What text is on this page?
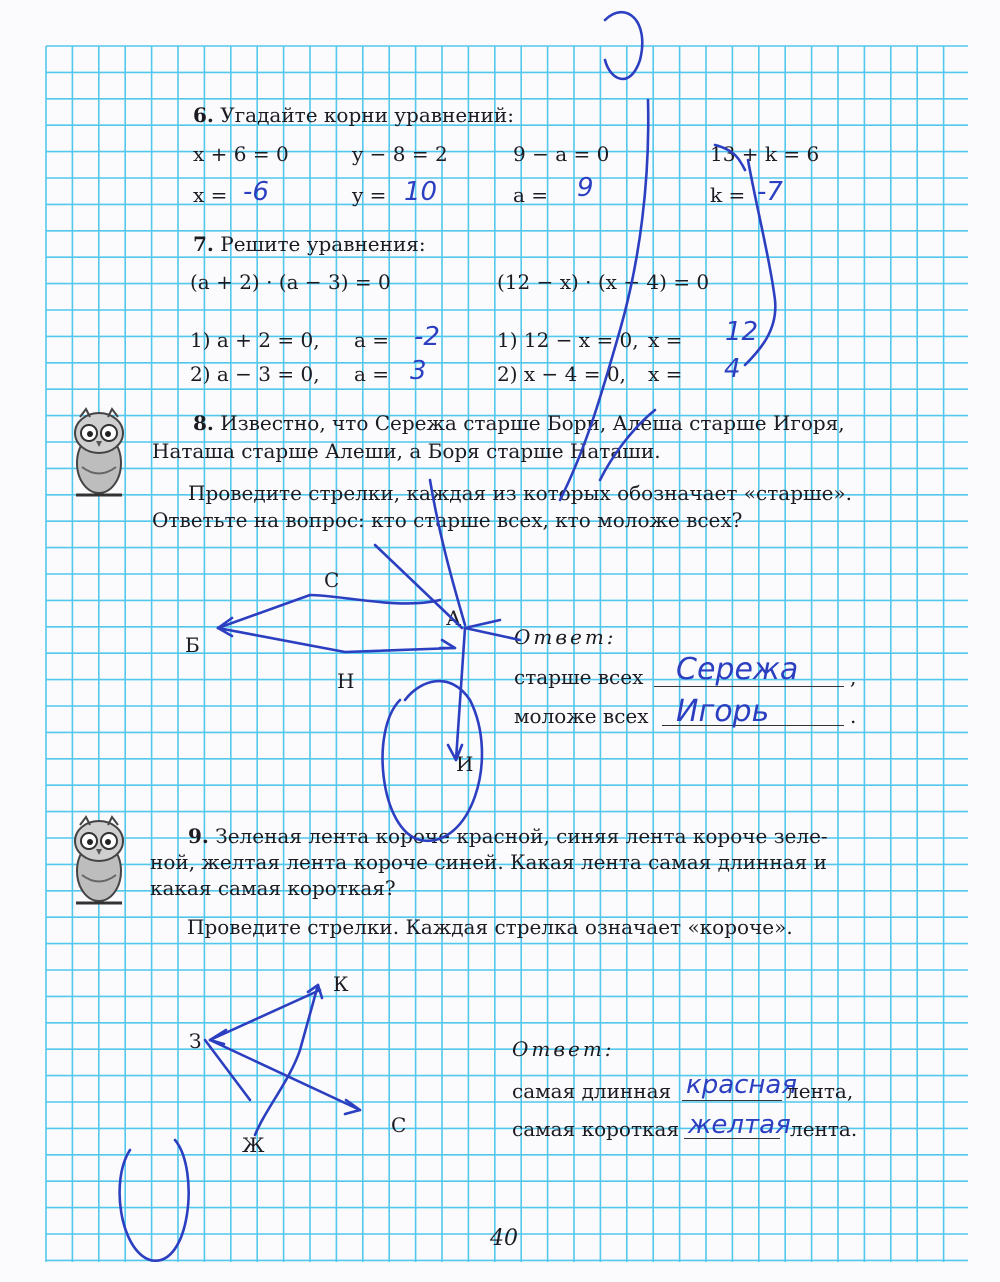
6. Угадайте корни уравнений:
x + 6 = 0	y − 8 = 2	9 − a = 0	13 + k = 6
x =	y =	a =	k =
-6	10	9	-7
7. Решите уравнения:
(a + 2) · (a − 3) = 0	(12 − x) · (x − 4) = 0
1) a + 2 = 0, a = -2
2) a − 3 = 0, a = 3
1) 12 − x = 0, x = 12
2) x − 4 = 0, x = 4
8. Известно, что Сережа старше Бори, Алеша старше Игоря,
Наташа старше Алеши, а Боря старше Наташи.
Проведите стрелки, каждая из которых обозначает «старше».
Ответьте на вопрос: кто старше всех, кто моложе всех?
С
Б
А
Н
И
Ответ:
старше всех Сережа	,
моложе всех Игорь	.
9. Зеленая лента короче красной, синяя лента короче зеле-
ной, желтая лента короче синей. Какая лента самая длинная и
какая самая короткая?
Проведите стрелки. Каждая стрелка означает «короче».
К
З
С
Ж
Ответ:
самая длинная красная
лента,
самая короткая желтая лента.
40
